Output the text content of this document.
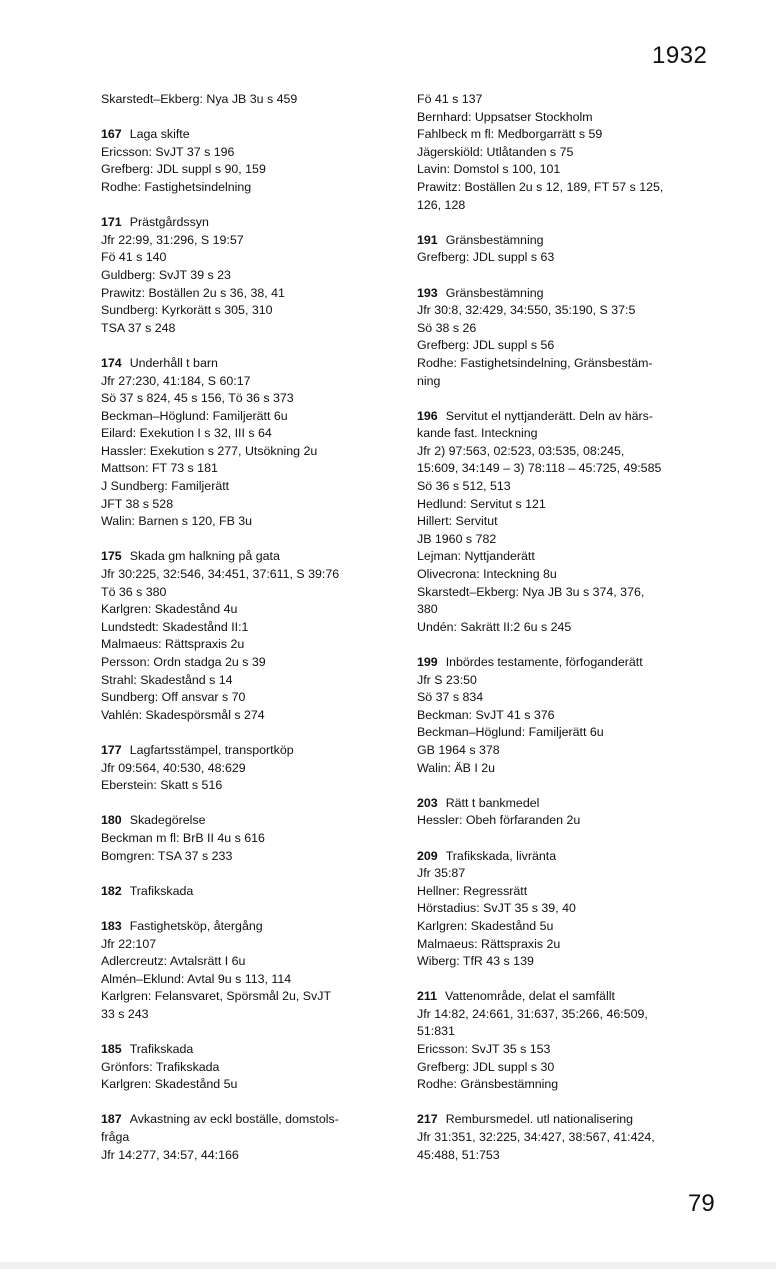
1932
Skarstedt–Ekberg: Nya JB 3u s 459
167 Laga skifte
Ericsson: SvJT 37 s 196
Grefberg: JDL suppl s 90, 159
Rodhe: Fastighetsindelning
171 Prästgårdssyn
Jfr 22:99, 31:296, S 19:57
Fö 41 s 140
Guldberg: SvJT 39 s 23
Prawitz: Boställen 2u s 36, 38, 41
Sundberg: Kyrkorätt s 305, 310
TSA 37 s 248
174 Underhåll t barn
Jfr 27:230, 41:184, S 60:17
Sö 37 s 824, 45 s 156, Tö 36 s 373
Beckman–Höglund: Familjerätt 6u
Eilard: Exekution I s 32, III s 64
Hassler: Exekution s 277, Utsökning 2u
Mattson: FT 73 s 181
J Sundberg: Familjerätt
JFT 38 s 528
Walin: Barnen s 120, FB 3u
175 Skada gm halkning på gata
Jfr 30:225, 32:546, 34:451, 37:611, S 39:76
Tö 36 s 380
Karlgren: Skadestånd 4u
Lundstedt: Skadestånd II:1
Malmaeus: Rättspraxis 2u
Persson: Ordn stadga 2u s 39
Strahl: Skadestånd s 14
Sundberg: Off ansvar s 70
Vahlén: Skadespörsmål s 274
177 Lagfartsstämpel, transportköp
Jfr 09:564, 40:530, 48:629
Eberstein: Skatt s 516
180 Skadegörelse
Beckman m fl: BrB II 4u s 616
Bomgren: TSA 37 s 233
182 Trafikskada
183 Fastighetsköp, återgång
Jfr 22:107
Adlercreutz: Avtalsrätt I 6u
Almén–Eklund: Avtal 9u s 113, 114
Karlgren: Felansvaret, Spörsmål 2u, SvJT
33 s 243
185 Trafikskada
Grönfors: Trafikskada
Karlgren: Skadestånd 5u
187 Avkastning av eckl boställe, domstols-
fråga
Jfr 14:277, 34:57, 44:166
Fö 41 s 137
Bernhard: Uppsatser Stockholm
Fahlbeck m fl: Medborgarrätt s 59
Jägerskiöld: Utlåtanden s 75
Lavin: Domstol s 100, 101
Prawitz: Boställen 2u s 12, 189, FT 57 s 125,
126, 128
191 Gränsbestämning
Grefberg: JDL suppl s 63
193 Gränsbestämning
Jfr 30:8, 32:429, 34:550, 35:190, S 37:5
Sö 38 s 26
Grefberg: JDL suppl s 56
Rodhe: Fastighetsindelning, Gränsbestäm-
ning
196 Servitut el nyttjanderätt. Deln av härs-
kande fast. Inteckning
Jfr 2) 97:563, 02:523, 03:535, 08:245,
15:609, 34:149 – 3) 78:118 – 45:725, 49:585
Sö 36 s 512, 513
Hedlund: Servitut s 121
Hillert: Servitut
JB 1960 s 782
Lejman: Nyttjanderätt
Olivecrona: Inteckning 8u
Skarstedt–Ekberg: Nya JB 3u s 374, 376,
380
Undén: Sakrätt II:2 6u s 245
199 Inbördes testamente, förfoganderätt
Jfr S 23:50
Sö 37 s 834
Beckman: SvJT 41 s 376
Beckman–Höglund: Familjerätt 6u
GB 1964 s 378
Walin: ÄB I 2u
203 Rätt t bankmedel
Hessler: Obeh förfaranden 2u
209 Trafikskada, livränta
Jfr 35:87
Hellner: Regressrätt
Hörstadius: SvJT 35 s 39, 40
Karlgren: Skadestånd 5u
Malmaeus: Rättspraxis 2u
Wiberg: TfR 43 s 139
211 Vattenområde, delat el samfällt
Jfr 14:82, 24:661, 31:637, 35:266, 46:509,
51:831
Ericsson: SvJT 35 s 153
Grefberg: JDL suppl s 30
Rodhe: Gränsbestämning
217 Rembursmedel. utl nationalisering
Jfr 31:351, 32:225, 34:427, 38:567, 41:424,
45:488, 51:753
79
